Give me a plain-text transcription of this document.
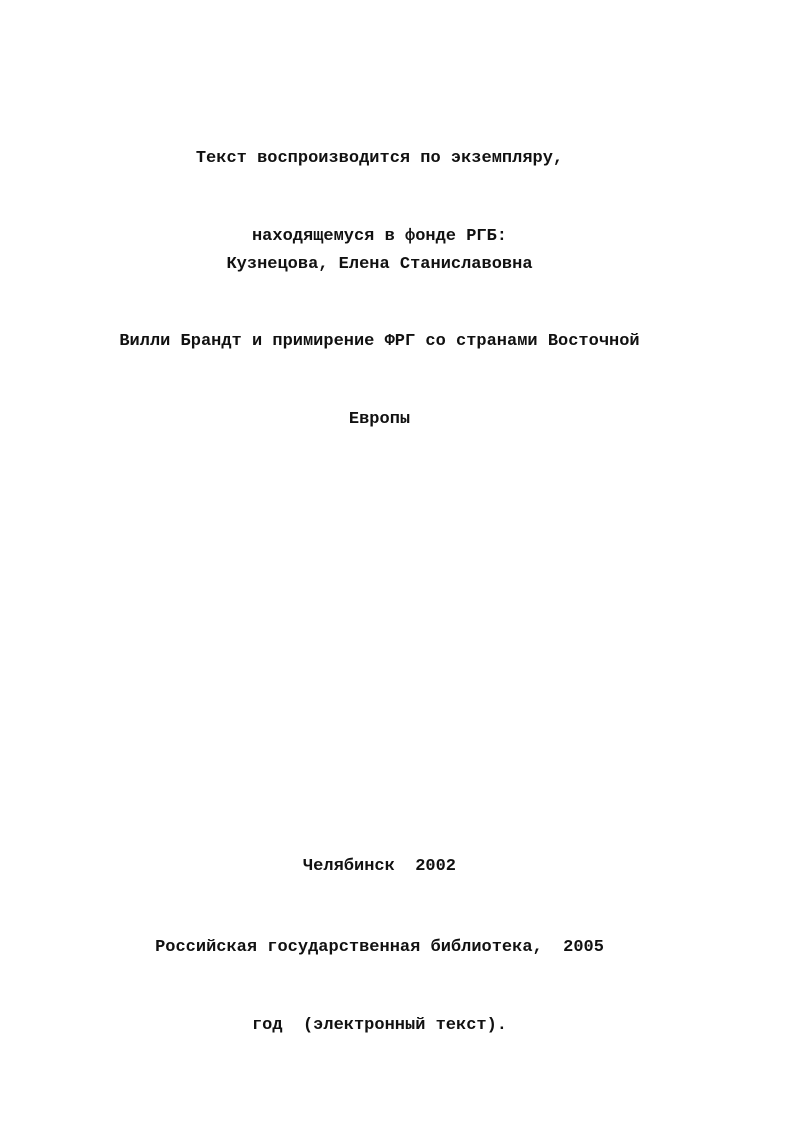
Текст воспроизводится по экземпляру,

находящемуся в фонде РГБ:

Кузнецова, Елена Станиславовна

Вилли Брандт и примирение ФРГ со странами Восточной

Европы

Челябинск  2002

Российская государственная библиотека,  2005

год  (электронный текст).
